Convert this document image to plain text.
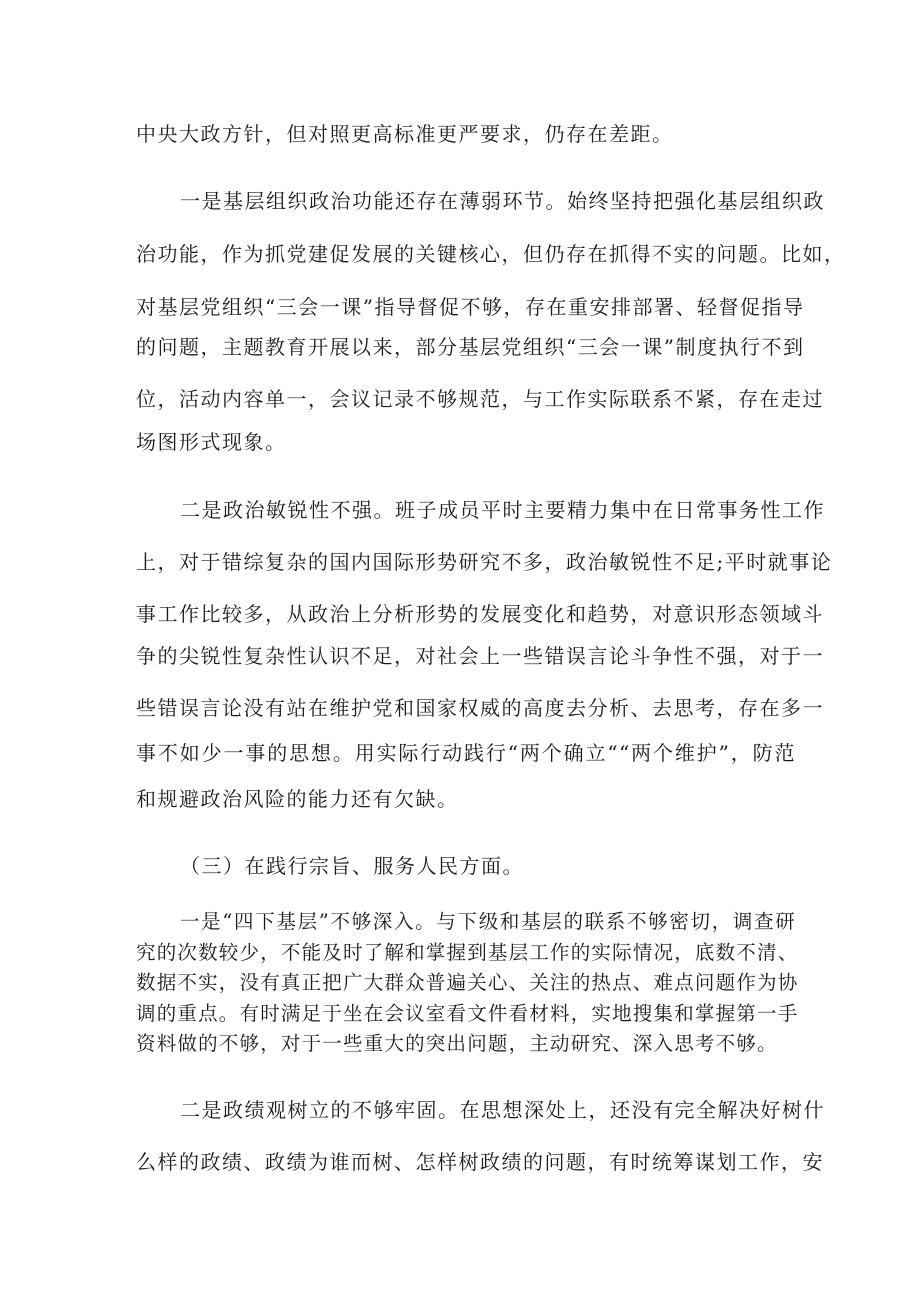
中央大政方针，但对照更高标准更严要求，仍存在差距。
一是基层组织政治功能还存在薄弱环节。始终坚持把强化基层组织政
治功能，作为抓党建促发展的关键核心，但仍存在抓得不实的问题。比如，
对基层党组织“三会一课”指导督促不够，存在重安排部署、轻督促指导
的问题，主题教育开展以来，部分基层党组织“三会一课”制度执行不到
位，活动内容单一，会议记录不够规范，与工作实际联系不紧，存在走过
场图形式现象。
二是政治敏锐性不强。班子成员平时主要精力集中在日常事务性工作
上，对于错综复杂的国内国际形势研究不多，政治敏锐性不足;平时就事论
事工作比较多，从政治上分析形势的发展变化和趋势，对意识形态领域斗
争的尖锐性复杂性认识不足，对社会上一些错误言论斗争性不强，对于一
些错误言论没有站在维护党和国家权威的高度去分析、去思考，存在多一
事不如少一事的思想。用实际行动践行“两个确立““两个维护”，防范
和规避政治风险的能力还有欠缺。
（三）在践行宗旨、服务人民方面。
一是“四下基层”不够深入。与下级和基层的联系不够密切，调查研
究的次数较少，不能及时了解和掌握到基层工作的实际情况，底数不清、
数据不实，没有真正把广大群众普遍关心、关注的热点、难点问题作为协
调的重点。有时满足于坐在会议室看文件看材料，实地搜集和掌握第一手
资料做的不够，对于一些重大的突出问题，主动研究、深入思考不够。
二是政绩观树立的不够牢固。在思想深处上，还没有完全解决好树什
么样的政绩、政绩为谁而树、怎样树政绩的问题，有时统筹谋划工作，安
